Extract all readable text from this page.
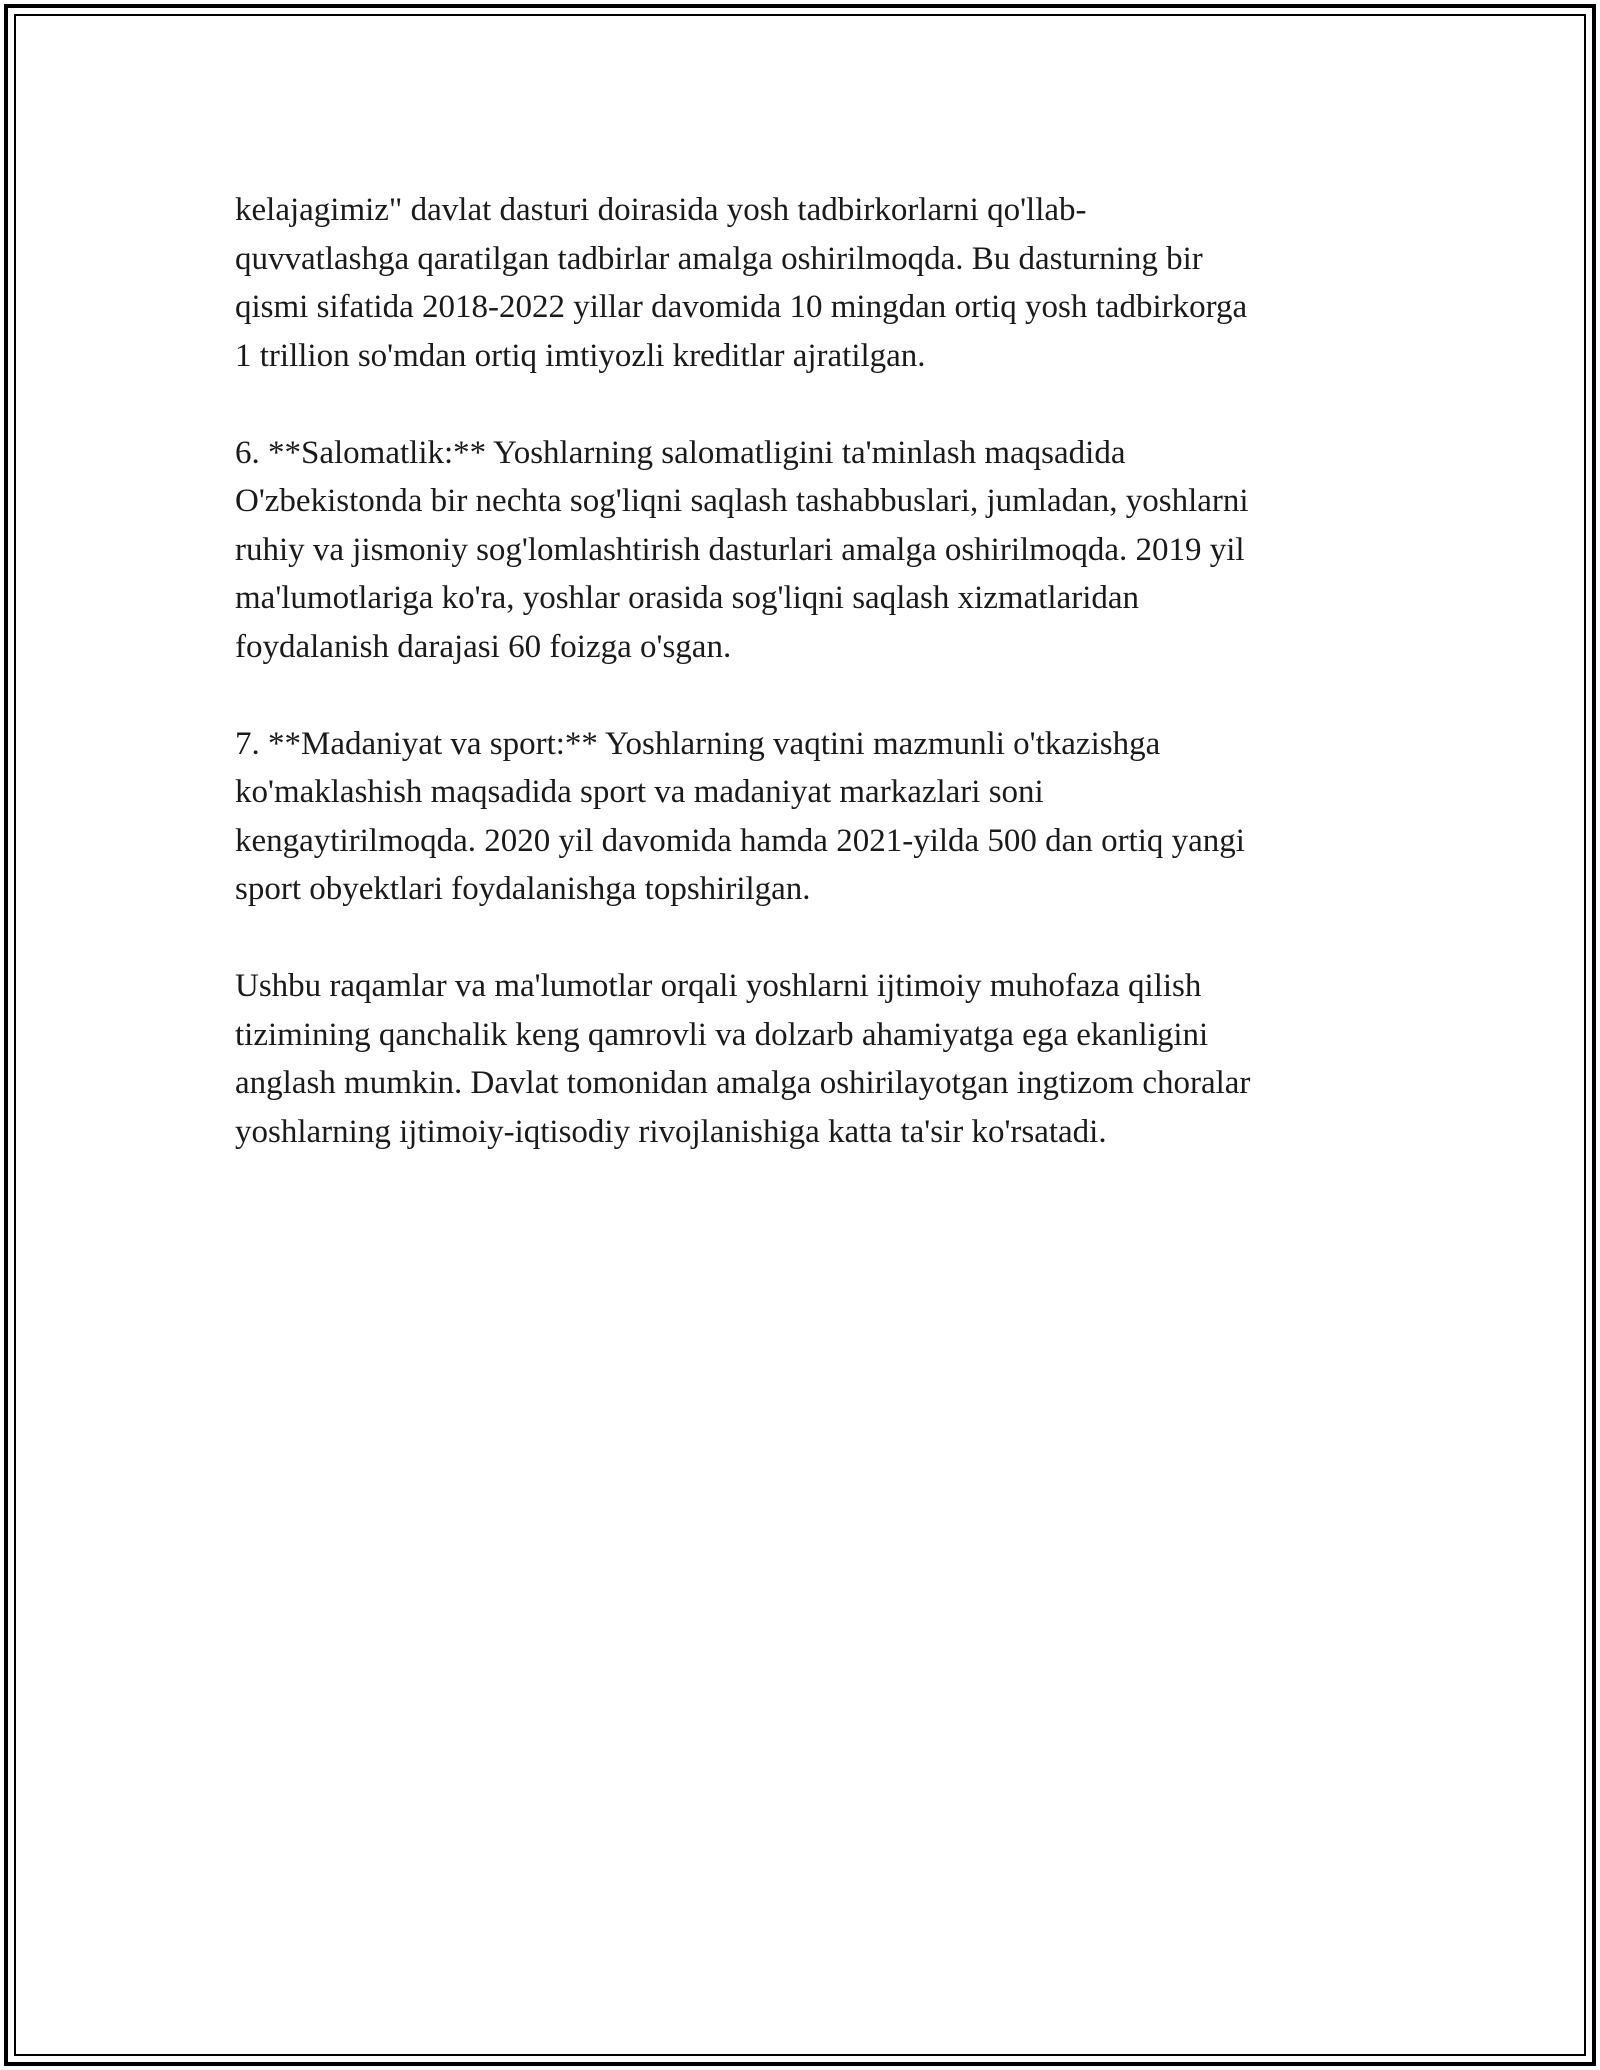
kelajagimiz" davlat dasturi doirasida yosh tadbirkorlarni qo'llab-
quvvatlashga qaratilgan tadbirlar amalga oshirilmoqda. Bu dasturning bir
qismi sifatida 2018-2022 yillar davomida 10 mingdan ortiq yosh tadbirkorga
1 trillion so'mdan ortiq imtiyozli kreditlar ajratilgan.

6. **Salomatlik:** Yoshlarning salomatligini ta'minlash maqsadida
O'zbekistonda bir nechta sog'liqni saqlash tashabbuslari, jumladan, yoshlarni
ruhiy va jismoniy sog'lomlashtirish dasturlari amalga oshirilmoqda. 2019 yil
ma'lumotlariga ko'ra, yoshlar orasida sog'liqni saqlash xizmatlaridan
foydalanish darajasi 60 foizga o'sgan.

7. **Madaniyat va sport:** Yoshlarning vaqtini mazmunli o'tkazishga
ko'maklashish maqsadida sport va madaniyat markazlari soni
kengaytirilmoqda. 2020 yil davomida hamda 2021-yilda 500 dan ortiq yangi
sport obyektlari foydalanishga topshirilgan.

Ushbu raqamlar va ma'lumotlar orqali yoshlarni ijtimoiy muhofaza qilish
tizimining qanchalik keng qamrovli va dolzarb ahamiyatga ega ekanligini
anglash mumkin. Davlat tomonidan amalga oshirilayotgan ingtizom choralar
yoshlarning ijtimoiy-iqtisodiy rivojlanishiga katta ta'sir ko'rsatadi.
